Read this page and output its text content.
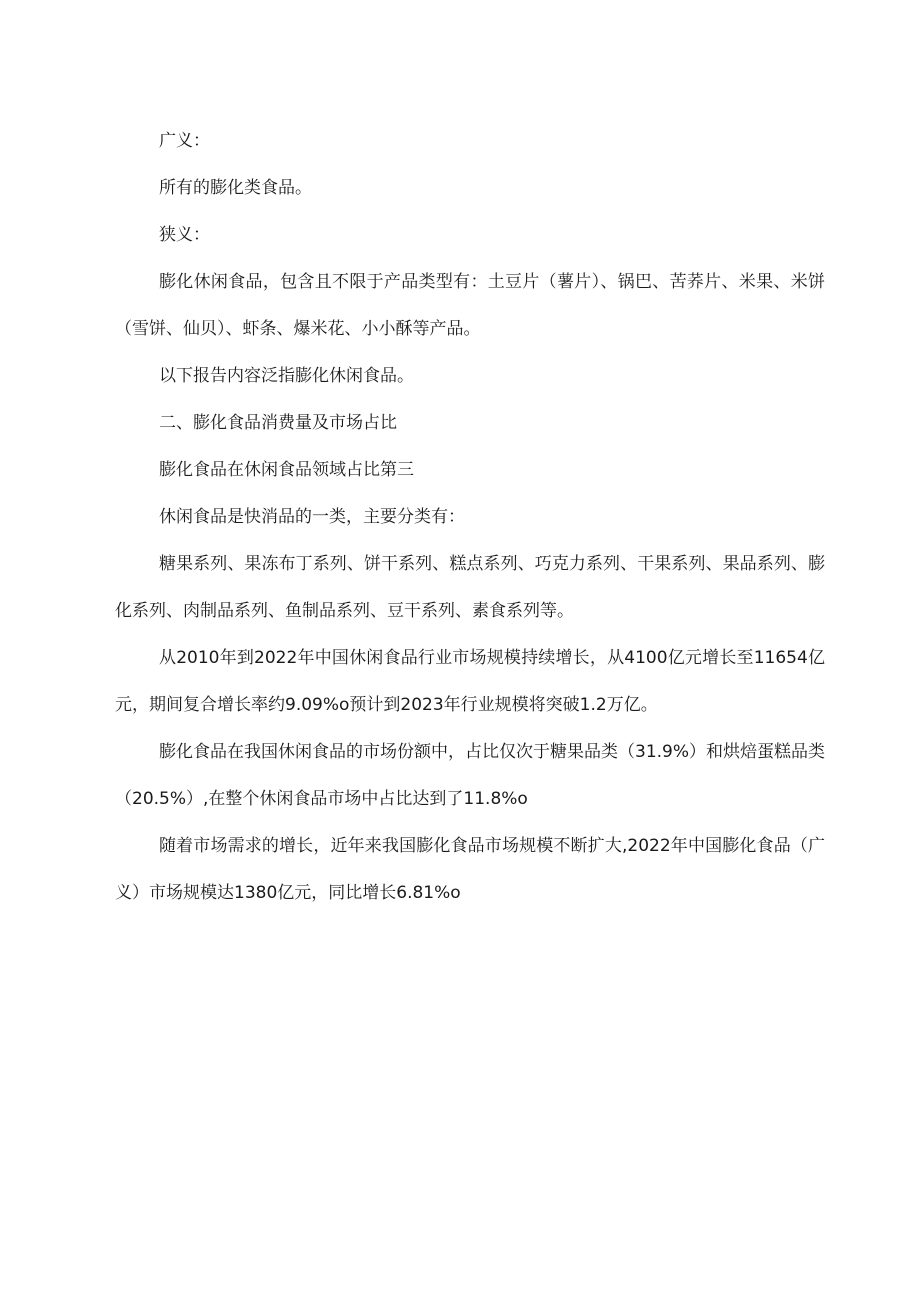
广义：

所有的膨化类食品。

狭义：

膨化休闲食品，包含且不限于产品类型有：土豆片（薯片）、锅巴、苦荞片、米果、米饼（雪饼、仙贝）、虾条、爆米花、小小酥等产品。

以下报告内容泛指膨化休闲食品。

二、膨化食品消费量及市场占比

膨化食品在休闲食品领域占比第三

休闲食品是快消品的一类，主要分类有：

糖果系列、果冻布丁系列、饼干系列、糕点系列、巧克力系列、干果系列、果品系列、膨化系列、肉制品系列、鱼制品系列、豆干系列、素食系列等。

从2010年到2022年中国休闲食品行业市场规模持续增长，从4100亿元增长至11654亿元，期间复合增长率约9.09%o预计到2023年行业规模将突破1.2万亿。

膨化食品在我国休闲食品的市场份额中，占比仅次于糖果品类（31.9%）和烘焙蛋糕品类（20.5%）,在整个休闲食品市场中占比达到了11.8%o

随着市场需求的增长，近年来我国膨化食品市场规模不断扩大,2022年中国膨化食品（广义）市场规模达1380亿元，同比增长6.81%o
